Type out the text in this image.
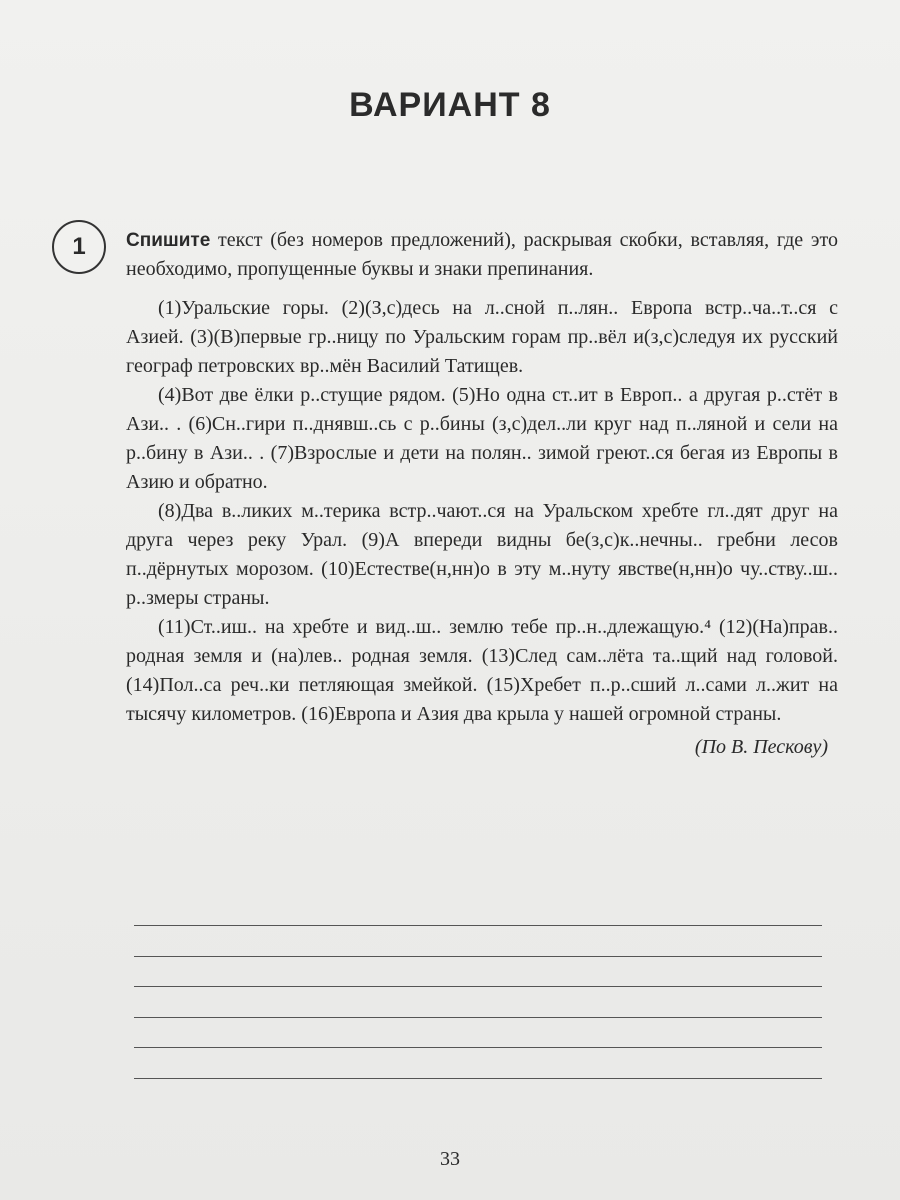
ВАРИАНТ 8
1	Спишите текст (без номеров предложений), раскрывая скобки, вставляя, где это необходимо, пропущенные буквы и знаки препинания.

(1)Уральские горы. (2)(З,с)десь на л..сной п..лян.. Европа встр..ча..т..ся с Азией. (3)(В)первые гр..ницу по Уральским горам пр..вёл и(з,с)следуя их русский географ петровских вр..мён Василий Татищев.

(4)Вот две ёлки р..стущие рядом. (5)Но одна ст..ит в Европ.. а другая р..стёт в Ази.. . (6)Сн..гири п..днявш..сь с р..бины (з,с)дел..ли круг над п..ляной и сели на р..бину в Ази.. . (7)Взрослые и дети на полян.. зимой греют..ся бегая из Европы в Азию и обратно.

(8)Два в..ликих м..терика встр..чают..ся на Уральском хребте гл..дят друг на друга через реку Урал. (9)А впереди видны бе(з,с)к..нечны.. гребни лесов п..дёрнутых морозом. (10)Естестве(н,нн)о в эту м..нуту явстве(н,нн)о чу..ству..ш.. р..змеры страны.

(11)Ст..иш.. на хребте и вид..ш.. землю тебе пр..н..длежащую.⁴ (12)(На)прав.. родная земля и (на)лев.. родная земля. (13)След сам..лёта та..щий над головой. (14)Пол..са реч..ки петляющая змейкой. (15)Хребет п..р..сший л..сами л..жит на тысячу километров. (16)Европа и Азия два крыла у нашей огромной страны.

(По В. Пескову)

33
